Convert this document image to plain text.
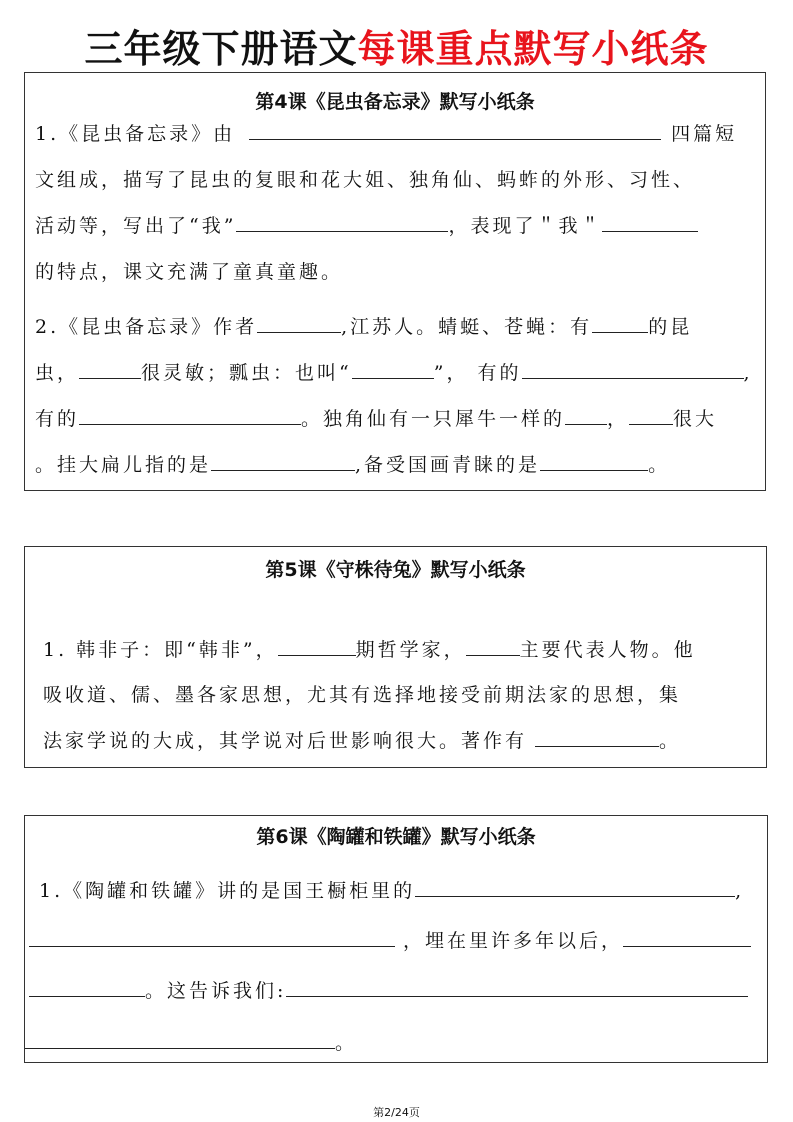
三年级下册语文每课重点默写小纸条
第4课《昆虫备忘录》默写小纸条
1.《昆虫备忘录》由	四篇短
文组成，描写了昆虫的复眼和花大姐、独角仙、蚂蚱的外形、习性、
活动等，写出了“我”	，表现了＂我＂
的特点，课文充满了童真童趣。
2.《昆虫备忘录》作者	,江苏人。蜻蜓、苍蝇：有	的昆
虫，	很灵敏；瓢虫：也叫“	”， 有的	,
有的	。独角仙有一只犀牛一样的 ， 很大
。挂大扁儿指的是	,备受国画青睐的是	。
第5课《守株待兔》默写小纸条
1. 韩非子：即“韩非”，	期哲学家，	主要代表人物。他
吸收道、儒、墨各家思想，尤其有选择地接受前期法家的思想，集
法家学说的大成，其学说对后世影响很大。著作有	。
第6课《陶罐和铁罐》默写小纸条
1.《陶罐和铁罐》讲的是国王橱柜里的	,
，埋在里许多年以后，
。这告诉我们:
。
第2/24页
